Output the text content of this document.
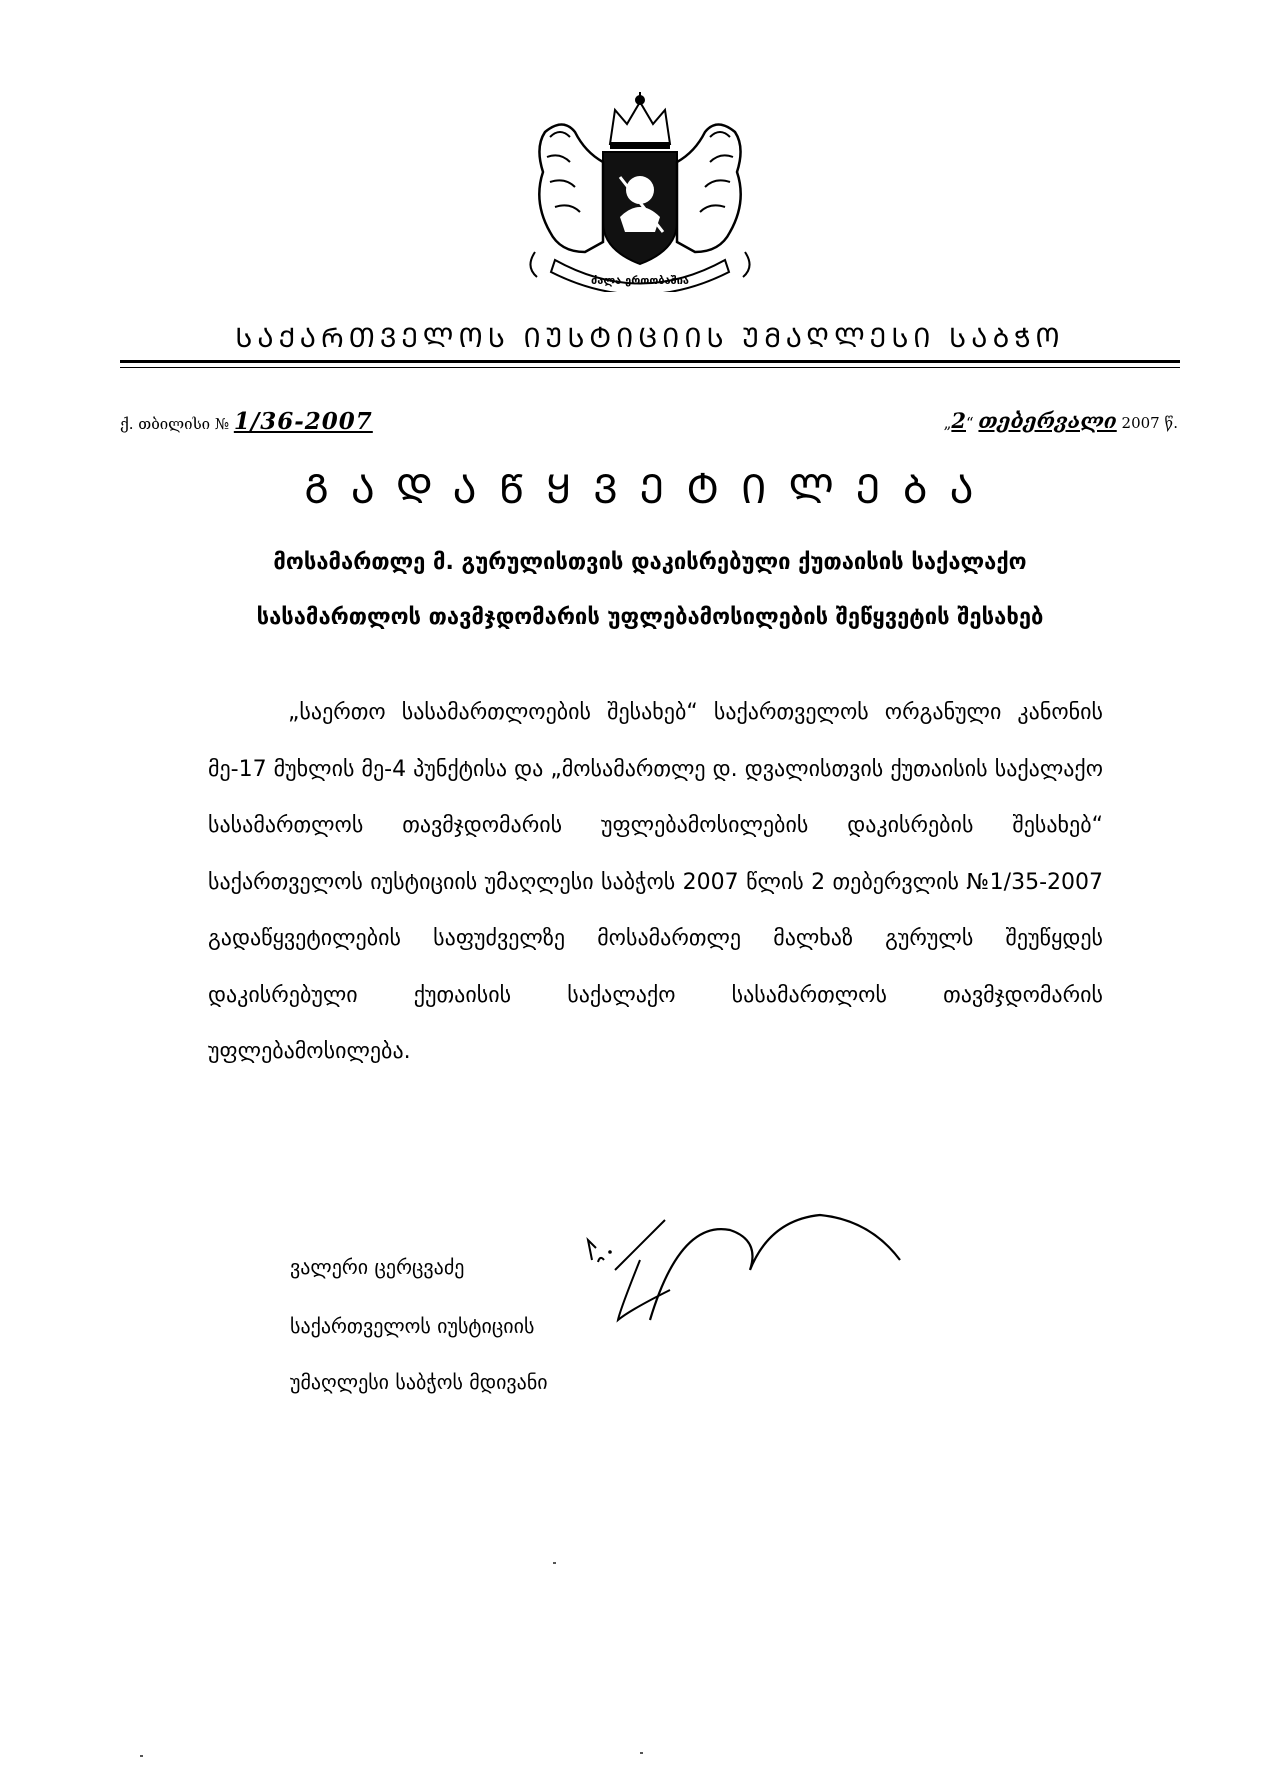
ძალა ერთობაშია
ᲡᲐᲥᲐᲠᲗᲕᲔᲚᲝᲡ ᲘᲣᲡᲢᲘᲪᲘᲘᲡ ᲣᲛᲐᲦᲚᲔᲡᲘ ᲡᲐᲑᲭᲝ
ქ. თბილისი № 1/36-2007	„2“ თებერვალი 2007 წ.
ᲒᲐᲓᲐᲬᲧᲕᲔᲢᲘᲚᲔᲑᲐ
მოსამართლე მ. გურულისთვის დაკისრებული ქუთაისის საქალაქო
სასამართლოს თავმჯდომარის უფლებამოსილების შეწყვეტის შესახებ
„საერთო სასამართლოების შესახებ“ საქართველოს ორგანული კანონის მე-17 მუხლის მე-4 პუნქტისა და „მოსამართლე დ. დვალისთვის ქუთაისის საქალაქო სასამართლოს თავმჯდომარის უფლებამოსილების დაკისრების შესახებ“ საქართველოს იუსტიციის უმაღლესი საბჭოს 2007 წლის 2 თებერვლის №1/35-2007 გადაწყვეტილების საფუძველზე მოსამართლე მალხაზ გურულს შეუწყდეს დაკისრებული ქუთაისის საქალაქო სასამართლოს თავმჯდომარის უფლებამოსილება.
ვალერი ცერცვაძე
საქართველოს იუსტიციის
უმაღლესი საბჭოს მდივანი
